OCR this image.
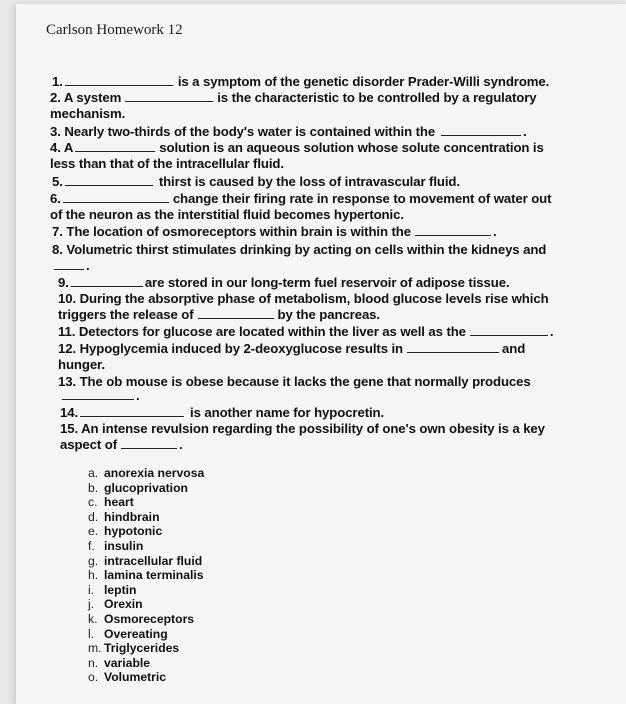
Carlson Homework 12
1.	is a symptom of the genetic disorder Prader-Willi syndrome.
2. A system	is the characteristic to be controlled by a regulatory
mechanism.
3. Nearly two-thirds of the body's water is contained within the	.
4. A	solution is an aqueous solution whose solute concentration is
less than that of the intracellular fluid.
5.	thirst is caused by the loss of intravascular fluid.
6.	change their firing rate in response to movement of water out
of the neuron as the interstitial fluid becomes hypertonic.
7. The location of osmoreceptors within brain is within the	.
8. Volumetric thirst stimulates drinking by acting on cells within the kidneys and
.
9.	are stored in our long-term fuel reservoir of adipose tissue.
10. During the absorptive phase of metabolism, blood glucose levels rise which
triggers the release of	by the pancreas.
11. Detectors for glucose are located within the liver as well as the	.
12. Hypoglycemia induced by 2-deoxyglucose results in	and
hunger.
13. The ob mouse is obese because it lacks the gene that normally produces
.
14.	is another name for hypocretin.
15. An intense revulsion regarding the possibility of one's own obesity is a key
aspect of	.
a. anorexia nervosa
b. glucoprivation
c. heart
d. hindbrain
e. hypotonic
f. insulin
g. intracellular fluid
h. lamina terminalis
i. leptin
j. Orexin
k. Osmoreceptors
l. Overeating
m. Triglycerides
n. variable
o. Volumetric
